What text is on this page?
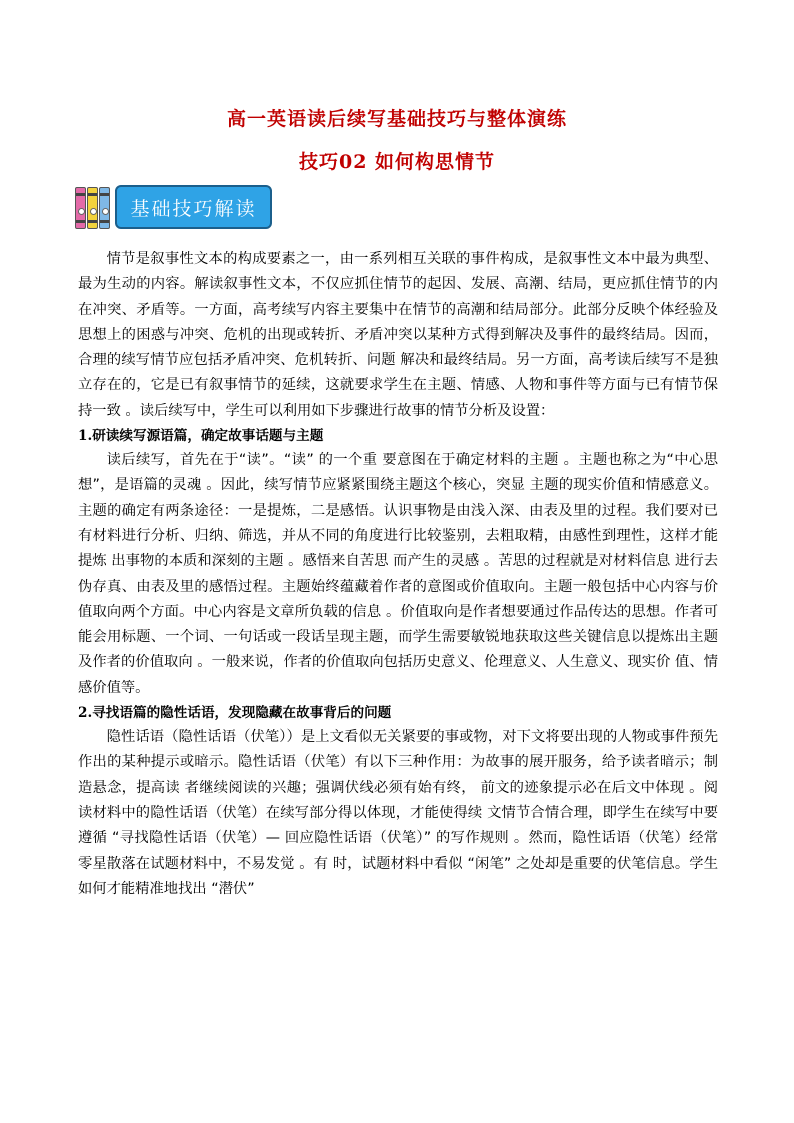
高一英语读后续写基础技巧与整体演练
技巧02 如何构思情节
基础技巧解读

情节是叙事性文本的构成要素之一，由一系列相互关联的事件构成，是叙事性文本中最为典型、最为生动的内容。解读叙事性文本，不仅应抓住情节的起因、发展、高潮、结局，更应抓住情节的内在冲突、矛盾等。一方面，高考续写内容主要集中在情节的高潮和结局部分。此部分反映个体经验及思想上的困惑与冲突、危机的出现或转折、矛盾冲突以某种方式得到解决及事件的最终结局。因而，合理的续写情节应包括矛盾冲突、危机转折、问题 解决和最终结局。另一方面，高考读后续写不是独立存在的，它是已有叙事情节的延续，这就要求学生在主题、情感、人物和事件等方面与已有情节保持一致 。读后续写中，学生可以利用如下步骤进行故事的情节分析及设置：

1.研读续写源语篇，确定故事话题与主题

读后续写，首先在于“读”。“读” 的一个重 要意图在于确定材料的主题 。主题也称之为“中心思想”，是语篇的灵魂 。因此，续写情节应紧紧围绕主题这个核心，突显 主题的现实价值和情感意义。主题的确定有两条途径：一是提炼，二是感悟。认识事物是由浅入深、由表及里的过程。我们要对已有材料进行分析、归纳、筛选，并从不同的角度进行比较鉴别，去粗取精，由感性到理性，这样才能提炼 出事物的本质和深刻的主题 。感悟来自苦思 而产生的灵感 。苦思的过程就是对材料信息 进行去伪存真、由表及里的感悟过程。主题始终蕴藏着作者的意图或价值取向。主题一般包括中心内容与价值取向两个方面。中心内容是文章所负载的信息 。价值取向是作者想要通过作品传达的思想。作者可能会用标题、一个词、一句话或一段话呈现主题，而学生需要敏锐地获取这些关键信息以提炼出主题及作者的价值取向 。一般来说，作者的价值取向包括历史意义、伦理意义、人生意义、现实价 值、情感价值等。

2.寻找语篇的隐性话语，发现隐藏在故事背后的问题

隐性话语（隐性话语（伏笔））是上文看似无关紧要的事或物，对下文将要出现的人物或事件预先作出的某种提示或暗示。隐性话语（伏笔）有以下三种作用：为故事的展开服务，给予读者暗示；制造悬念，提高读 者继续阅读的兴趣；强调伏线必须有始有终， 前文的迹象提示必在后文中体现 。阅读材料中的隐性话语（伏笔）在续写部分得以体现，才能使得续 文情节合情合理，即学生在续写中要遵循 “寻找隐性话语（伏笔）— 回应隐性话语（伏笔）” 的写作规则 。然而，隐性话语（伏笔）经常零星散落在试题材料中，不易发觉 。有 时，试题材料中看似 “闲笔” 之处却是重要的伏笔信息。学生如何才能精准地找出 “潜伏”
